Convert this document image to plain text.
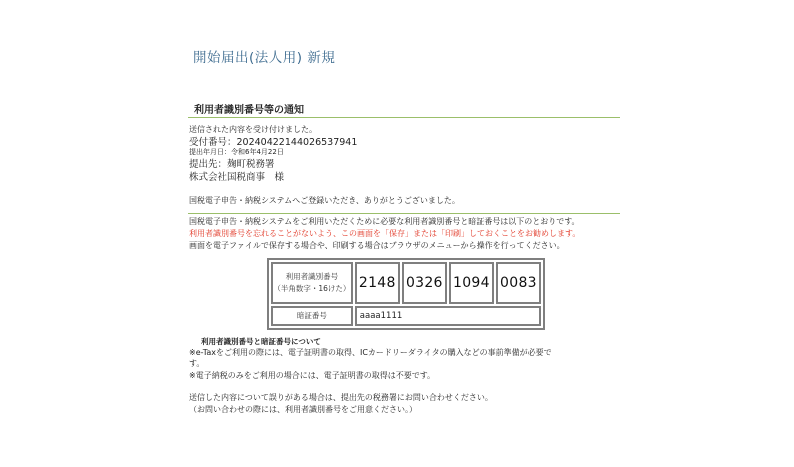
開始届出(法人用) 新規
利用者識別番号等の通知
送信された内容を受け付けました。
受付番号：20240422144026537941
提出年月日：令和6年4月22日
提出先：麹町税務署
株式会社国税商事　様
国税電子申告・納税システムへご登録いただき、ありがとうございました。
国税電子申告・納税システムをご利用いただくために必要な利用者識別番号と暗証番号は以下のとおりです。
利用者識別番号を忘れることがないよう、この画面を「保存」または「印刷」しておくことをお勧めします。
画面を電子ファイルで保存する場合や、印刷する場合はブラウザのメニューから操作を行ってください。
利用者識別番号
（半角数字・16けた）	2148	0326	1094	0083
暗証番号	aaaa1111			
利用者識別番号と暗証番号について
※e-Taxをご利用の際には、電子証明書の取得、ICカードリーダライタの購入などの事前準備が必要で
す。
※電子納税のみをご利用の場合には、電子証明書の取得は不要です。
送信した内容について誤りがある場合は、提出先の税務署にお問い合わせください。
（お問い合わせの際には、利用者識別番号をご用意ください。）
